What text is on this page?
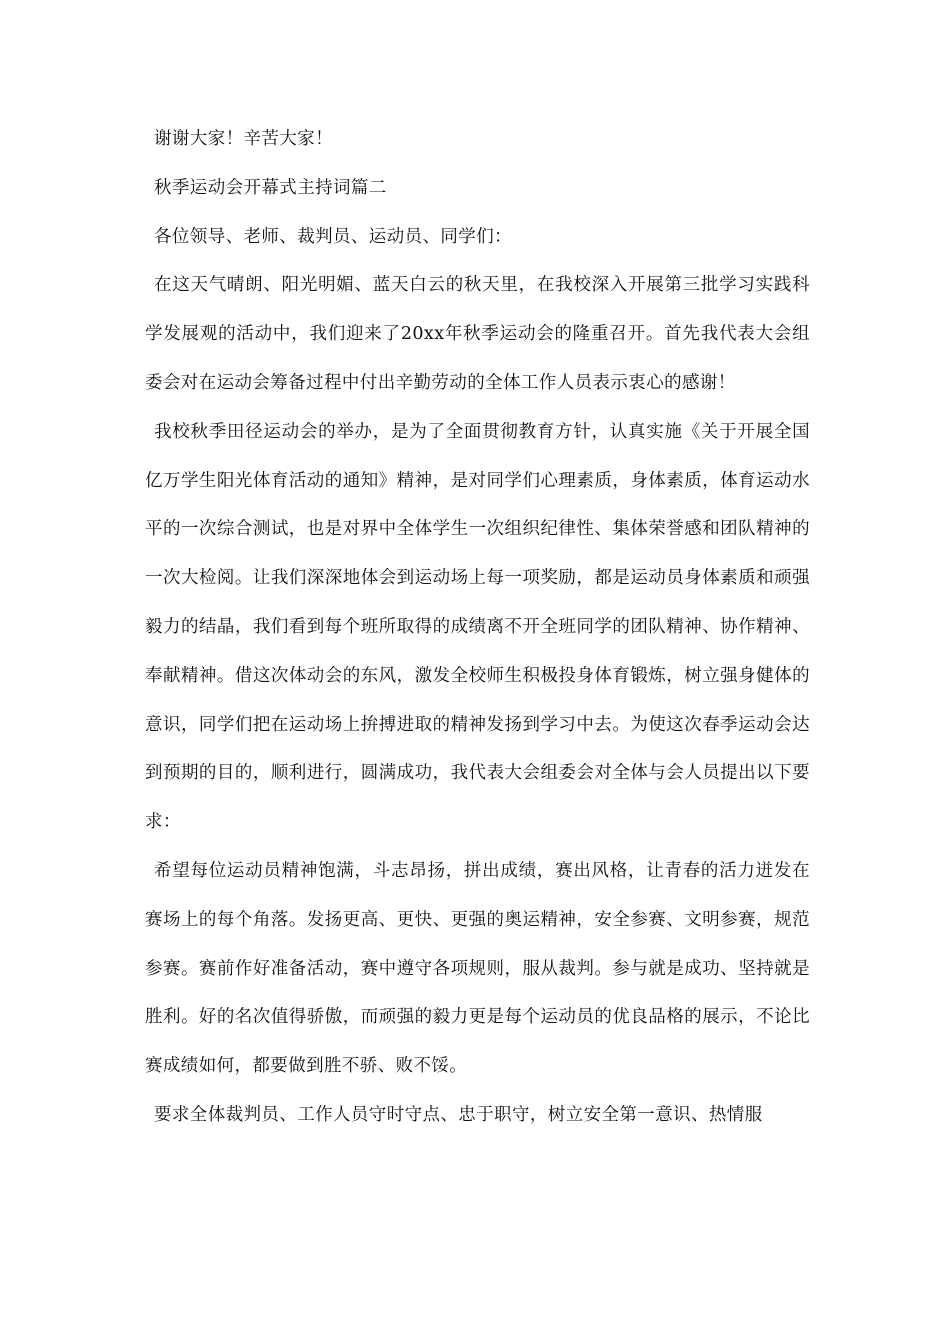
谢谢大家！辛苦大家！

秋季运动会开幕式主持词篇二

各位领导、老师、裁判员、运动员、同学们：

在这天气晴朗、阳光明媚、蓝天白云的秋天里，在我校深入开展第三批学习实践科学发展观的活动中，我们迎来了20xx年秋季运动会的隆重召开。首先我代表大会组委会对在运动会筹备过程中付出辛勤劳动的全体工作人员表示衷心的感谢！

我校秋季田径运动会的举办，是为了全面贯彻教育方针，认真实施《关于开展全国亿万学生阳光体育活动的通知》精神，是对同学们心理素质，身体素质，体育运动水平的一次综合测试，也是对界中全体学生一次组织纪律性、集体荣誉感和团队精神的一次大检阅。让我们深深地体会到运动场上每一项奖励，都是运动员身体素质和顽强毅力的结晶，我们看到每个班所取得的成绩离不开全班同学的团队精神、协作精神、奉献精神。借这次体动会的东风，激发全校师生积极投身体育锻炼，树立强身健体的意识，同学们把在运动场上拚搏进取的精神发扬到学习中去。为使这次春季运动会达到预期的目的，顺利进行，圆满成功，我代表大会组委会对全体与会人员提出以下要求：

希望每位运动员精神饱满，斗志昂扬，拼出成绩，赛出风格，让青春的活力迸发在赛场上的每个角落。发扬更高、更快、更强的奥运精神，安全参赛、文明参赛，规范参赛。赛前作好准备活动，赛中遵守各项规则，服从裁判。参与就是成功、坚持就是胜利。好的名次值得骄傲，而顽强的毅力更是每个运动员的优良品格的展示，不论比赛成绩如何，都要做到胜不骄、败不馁。

要求全体裁判员、工作人员守时守点、忠于职守，树立安全第一意识、热情服
